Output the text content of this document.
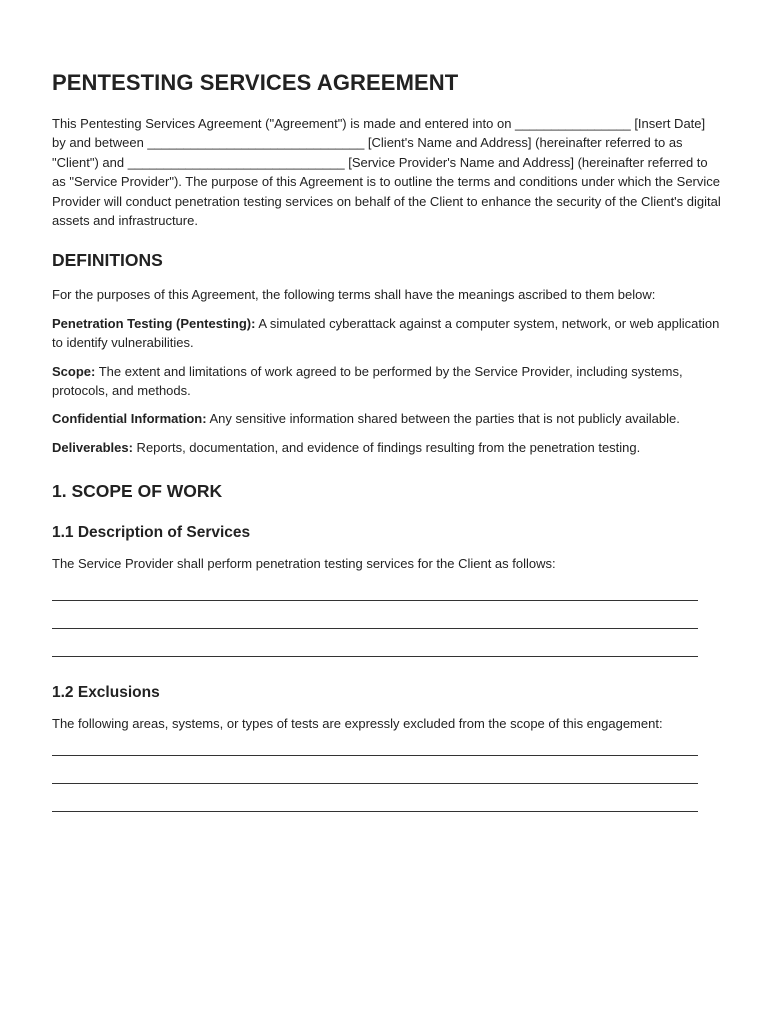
PENTESTING SERVICES AGREEMENT

This Pentesting Services Agreement ("Agreement") is made and entered into on ________________ [Insert Date] by and between ______________________________ [Client's Name and Address] (hereinafter referred to as "Client") and ______________________________ [Service Provider's Name and Address] (hereinafter referred to as "Service Provider"). The purpose of this Agreement is to outline the terms and conditions under which the Service Provider will conduct penetration testing services on behalf of the Client to enhance the security of the Client's digital assets and infrastructure.

DEFINITIONS

For the purposes of this Agreement, the following terms shall have the meanings ascribed to them below:

Penetration Testing (Pentesting): A simulated cyberattack against a computer system, network, or web application to identify vulnerabilities.

Scope: The extent and limitations of work agreed to be performed by the Service Provider, including systems, protocols, and methods.

Confidential Information: Any sensitive information shared between the parties that is not publicly available.

Deliverables: Reports, documentation, and evidence of findings resulting from the penetration testing.

1. SCOPE OF WORK
1.1 Description of Services

The Service Provider shall perform penetration testing services for the Client as follows:

1.2 Exclusions

The following areas, systems, or types of tests are expressly excluded from the scope of this engagement:
